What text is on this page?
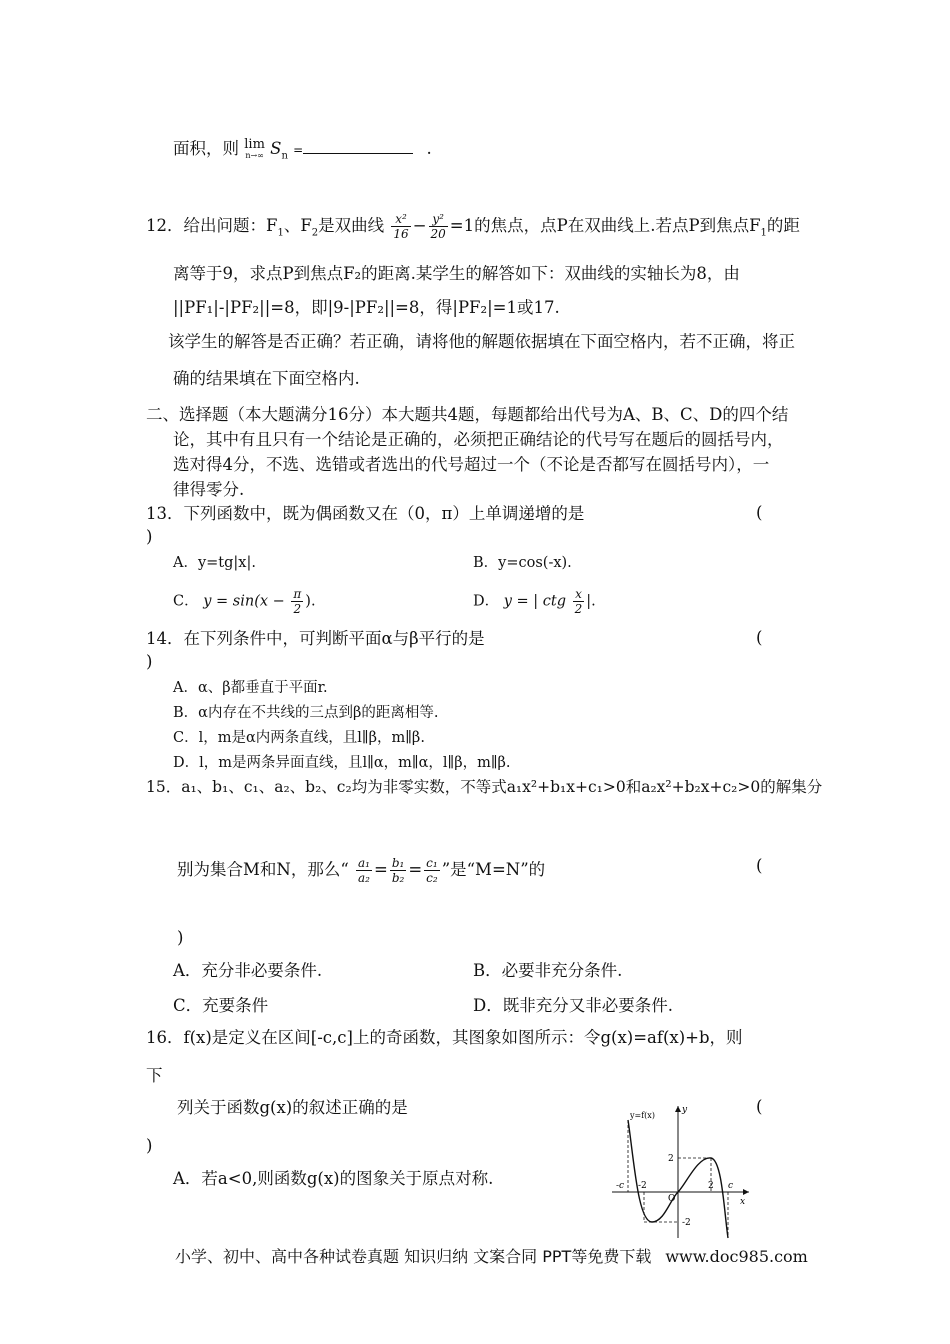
面积，则 lim
n→∞ $S_n$ =	.
12．给出问题：$F_1$、$F_2$是双曲线 $\frac{\text{x²}}{16} - \frac{\text{y²}}{20} =1$的焦点，点P在双曲线上.若点P到焦点$F_1$的距
离等于9，求点P到焦点F₂的距离.某学生的解答如下：双曲线的实轴长为8，由
||PF₁|-|PF₂||=8，即|9-|PF₂||=8，得|PF₂|=1或17.
该学生的解答是否正确？若正确，请将他的解题依据填在下面空格内，若不正确，将正
确的结果填在下面空格内.
二、选择题（本大题满分16分）本大题共4题，每题都给出代号为A、B、C、D的四个结
论，其中有且只有一个结论是正确的，必须把正确结论的代号写在题后的圆括号内，
选对得4分，不选、选错或者选出的代号超过一个（不论是否都写在圆括号内），一
律得零分.
13．下列函数中，既为偶函数又在（0，π）上单调递增的是	(
)
A．y=tg|x|.	B．y=cos(-x).
C． $y = \sin(x - \frac{\pi}{2}$ ).	D． y = | ctg $\frac{x}{2}$ |.
14．在下列条件中，可判断平面α与β平行的是	(
)
A．α、β都垂直于平面r.
B．α内存在不共线的三点到β的距离相等.
C．l，m是α内两条直线，且l∥β，m∥β.
D．l，m是两条异面直线，且l∥α，m∥α，l∥β，m∥β.
15．a₁、b₁、c₁、a₂、b₂、c₂均为非零实数，不等式a₁x²+b₁x+c₁>0和a₂x²+b₂x+c₂>0的解集分
别为集合M和N，那么“ $\frac{\text{a₁}}{\text{a₂}} = \frac{\text{b₁}}{\text{b₂}} = \frac{\text{c₁}}{\text{c₂}}$ ”是“M=N”的	(
)
A．充分非必要条件.	B．必要非充分条件.
C．充要条件	D．既非充分又非必要条件.
16．f(x)是定义在区间[-c,c]上的奇函数，其图象如图所示：令g(x)=af(x)+b，则
下
列关于函数g(x)的叙述正确的是	(
)
A．若a<0,则函数g(x)的图象关于原点对称.
y=f(x)
y
x
O
2
2
-2
-2	c
-c
小学、初中、高中各种试卷真题 知识归纳 文案合同 PPT等免费下载 www.doc985.com
